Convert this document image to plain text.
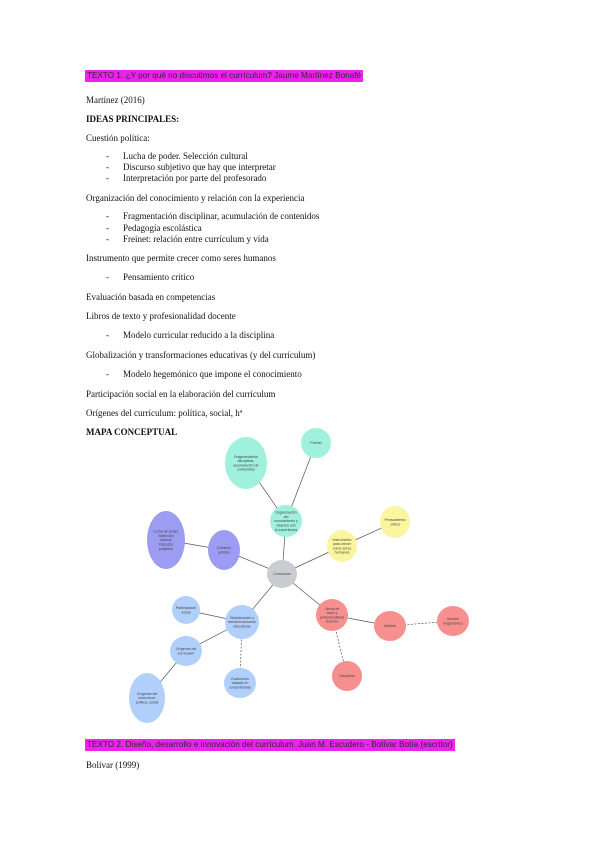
TEXTO 1. ¿Y por qué no discutimos el currículum? Jaume Martínez Bonafé
Martínez (2016)
IDEAS PRINCIPALES:
Cuestión política:
- Lucha de poder. Selección cultural
- Discurso subjetivo que hay que interpretar
- Interpretación por parte del profesorado
Organización del conocimiento y relación con la experiencia
- Fragmentación disciplinar, acumulación de contenidos
- Pedagogía escolástica
- Freinet: relación entre currículum y vida
Instrumento que permite crecer como seres humanos
- Pensamiento crítico
Evaluación basada en competencias
Libros de texto y profesionalidad docente
- Modelo curricular reducido a la disciplina
Globalización y transformaciones educativas (y del currículum)
- Modelo hegemónico que impone el conocimiento
Participación social en la elaboración del currículum
Orígenes del currículum: política, social, hª
MAPA CONCEPTUAL
Currículum
Organización del conocimiento y relación con la experiencia
Fragmentación disciplinar, acumulación de contenidos
Freinet
Instrumento para crecer como seres humanos
Pensamiento crítico
Cuestión política
Lucha de poder. Selección cultural. Discurso subjetivo
Libros de texto y profesionalidad docente
Modelo
Modelo hegemónico
Disciplina
Globalización y transformaciones educativas
Participación social
Orígenes del currículum
Evaluación basada en competencias
Orígenes del currículum: política, social
TEXTO 2. Diseño, desarrollo e innovación del currículum. Juan M. Escudero - Bolívar Botía (escritor)
Bolívar (1999)
